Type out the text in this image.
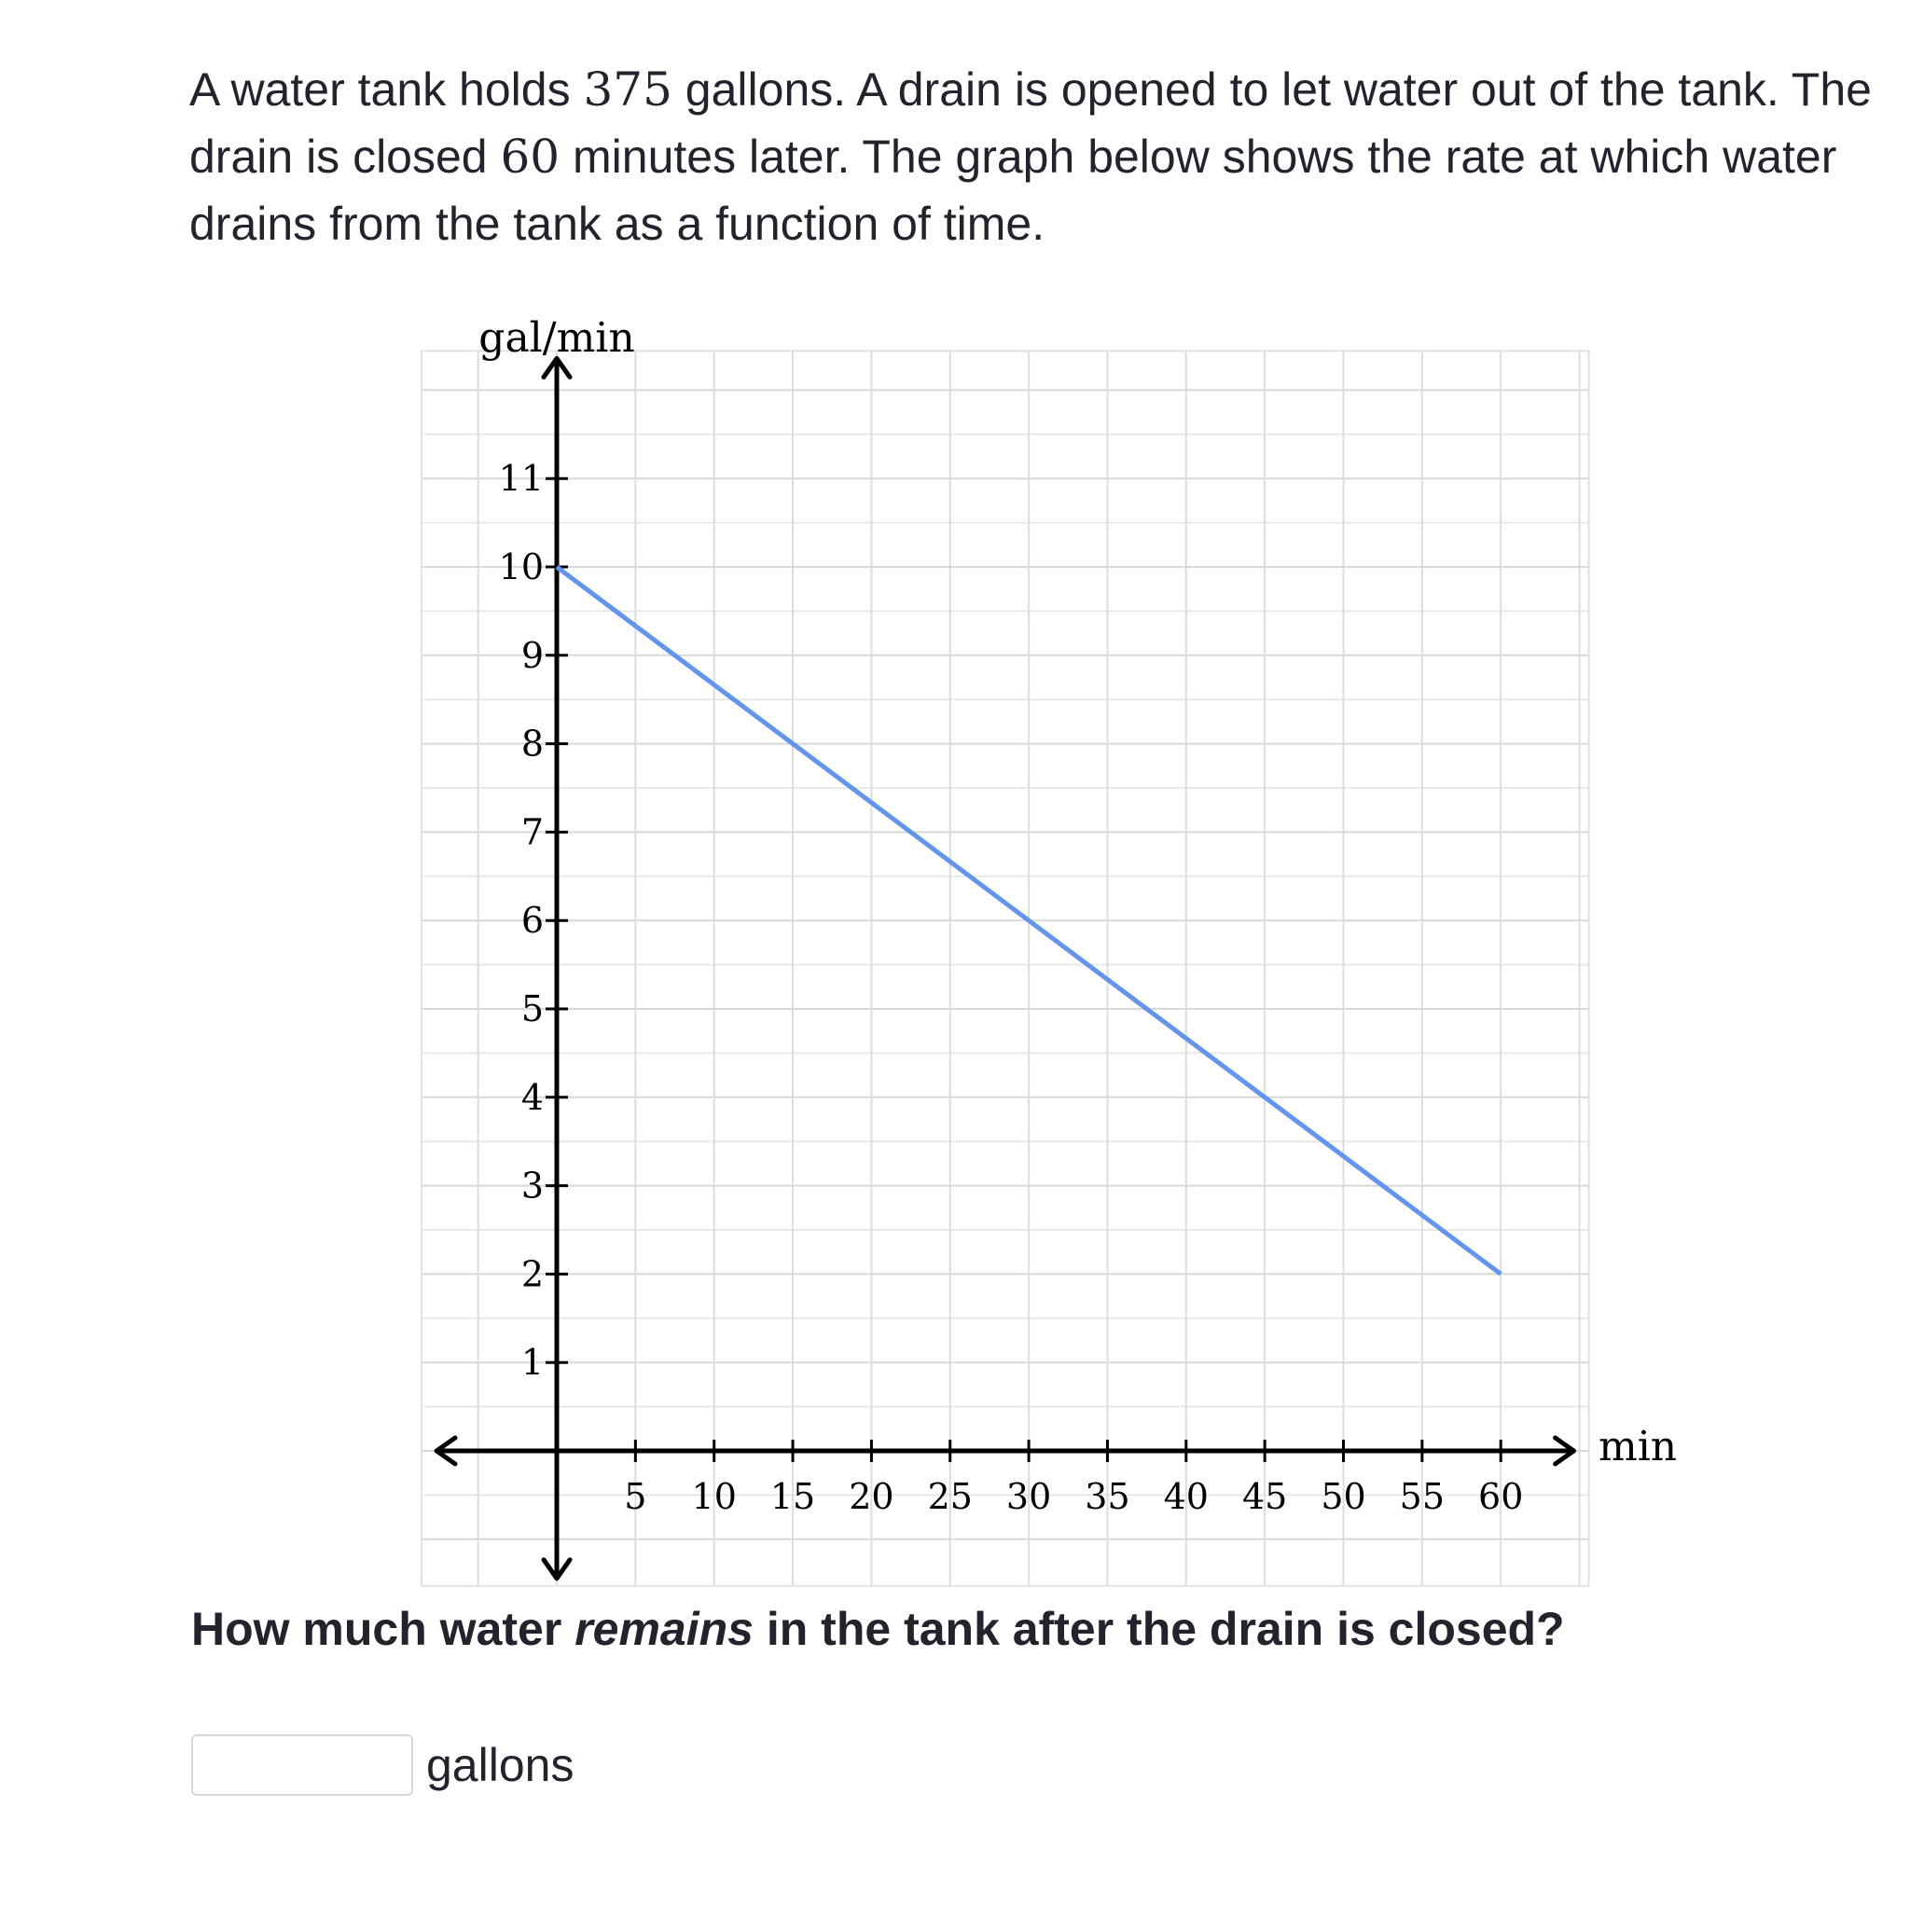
A water tank holds 375 gallons. A drain is opened to let water out of the tank. The drain is closed 60 minutes later. The graph below shows the rate at which water drains from the tank as a function of time.
5 10 15 20 25 30 35 40 45 50 55 60
1
2
3
4
5
6
7
8
9
10
11
gal/min
min
How much water remains in the tank after the drain is closed?
gallons
